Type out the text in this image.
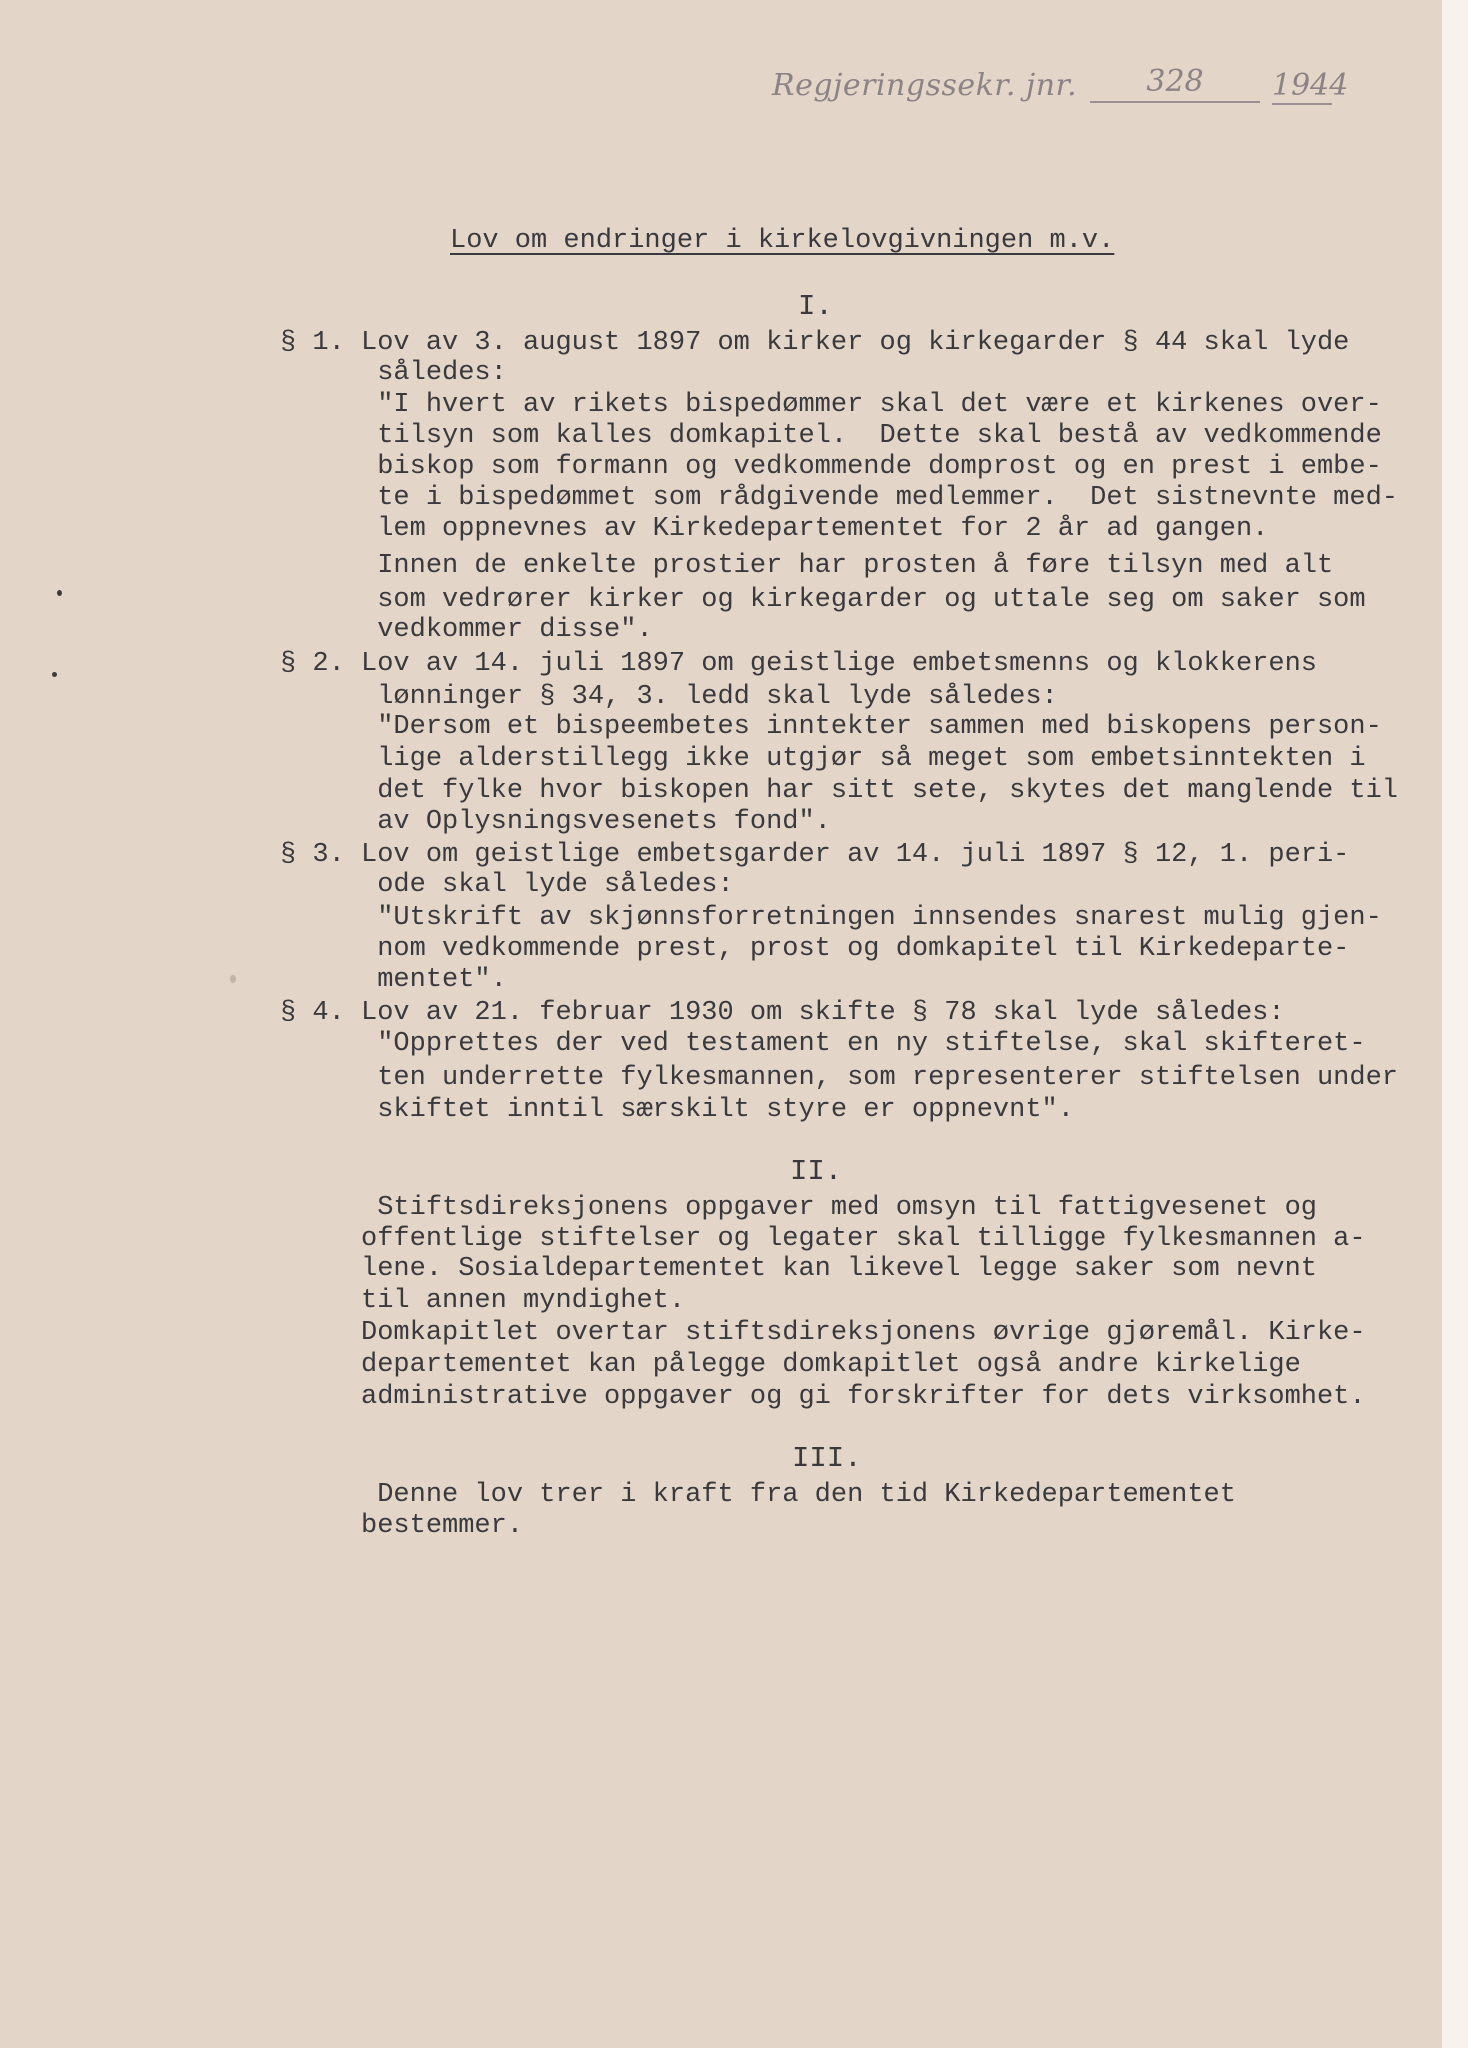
Regjeringssekr. jnr.	328	1944
Lov om endringer i kirkelovgivningen m.v.
I.
§ 1. Lov av 3. august 1897 om kirker og kirkegarder § 44 skal lyde
således:
"I hvert av rikets bispedømmer skal det være et kirkenes over-
tilsyn som kalles domkapitel.  Dette skal bestå av vedkommende
biskop som formann og vedkommende domprost og en prest i embe-
te i bispedømmet som rådgivende medlemmer.  Det sistnevnte med-
lem oppnevnes av Kirkedepartementet for 2 år ad gangen.
Innen de enkelte prostier har prosten å føre tilsyn med alt
som vedrører kirker og kirkegarder og uttale seg om saker som
vedkommer disse".
§ 2. Lov av 14. juli 1897 om geistlige embetsmenns og klokkerens
lønninger § 34, 3. ledd skal lyde således:
"Dersom et bispeembetes inntekter sammen med biskopens person-
lige alderstillegg ikke utgjør så meget som embetsinntekten i
det fylke hvor biskopen har sitt sete, skytes det manglende til
av Oplysningsvesenets fond".
§ 3. Lov om geistlige embetsgarder av 14. juli 1897 § 12, 1. peri-
ode skal lyde således:
"Utskrift av skjønnsforretningen innsendes snarest mulig gjen-
nom vedkommende prest, prost og domkapitel til Kirkedeparte-
mentet".
§ 4. Lov av 21. februar 1930 om skifte § 78 skal lyde således:
"Opprettes der ved testament en ny stiftelse, skal skifteret-
ten underrette fylkesmannen, som representerer stiftelsen under
skiftet inntil særskilt styre er oppnevnt".
II.
Stiftsdireksjonens oppgaver med omsyn til fattigvesenet og
offentlige stiftelser og legater skal tilligge fylkesmannen a-
lene. Sosialdepartementet kan likevel legge saker som nevnt
til annen myndighet.
Domkapitlet overtar stiftsdireksjonens øvrige gjøremål. Kirke-
departementet kan pålegge domkapitlet også andre kirkelige
administrative oppgaver og gi forskrifter for dets virksomhet.
III.
Denne lov trer i kraft fra den tid Kirkedepartementet
bestemmer.
